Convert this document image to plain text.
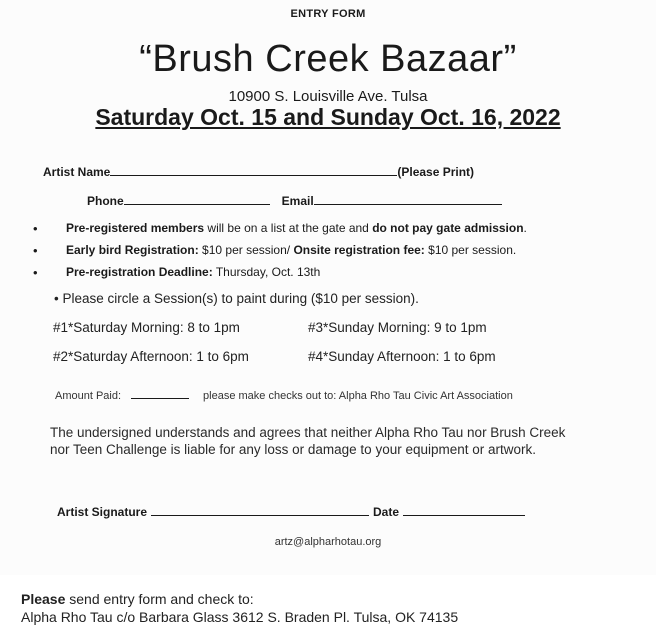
ENTRY FORM
“Brush Creek Bazaar”
10900 S. Louisville Ave. Tulsa
Saturday Oct. 15 and Sunday Oct. 16, 2022
Artist Name	(Please Print)
Phone	Email
• Pre-registered members will be on a list at the gate and do not pay gate admission.
• Early bird Registration: $10 per session/ Onsite registration fee: $10 per session.
• Pre-registration Deadline: Thursday, Oct. 13th
• Please circle a Session(s) to paint during ($10 per session).
#1*Saturday Morning: 8 to 1pm	#3*Sunday Morning: 9 to 1pm
#2*Saturday Afternoon: 1 to 6pm	#4*Sunday Afternoon: 1 to 6pm
Amount Paid:	please make checks out to: Alpha Rho Tau Civic Art Association
The undersigned understands and agrees that neither Alpha Rho Tau nor Brush Creek nor Teen Challenge is liable for any loss or damage to your equipment or artwork.
Artist Signature	Date
artz@alpharhotau.org
Please send entry form and check to:
Alpha Rho Tau c/o Barbara Glass 3612 S. Braden Pl. Tulsa, OK 74135
